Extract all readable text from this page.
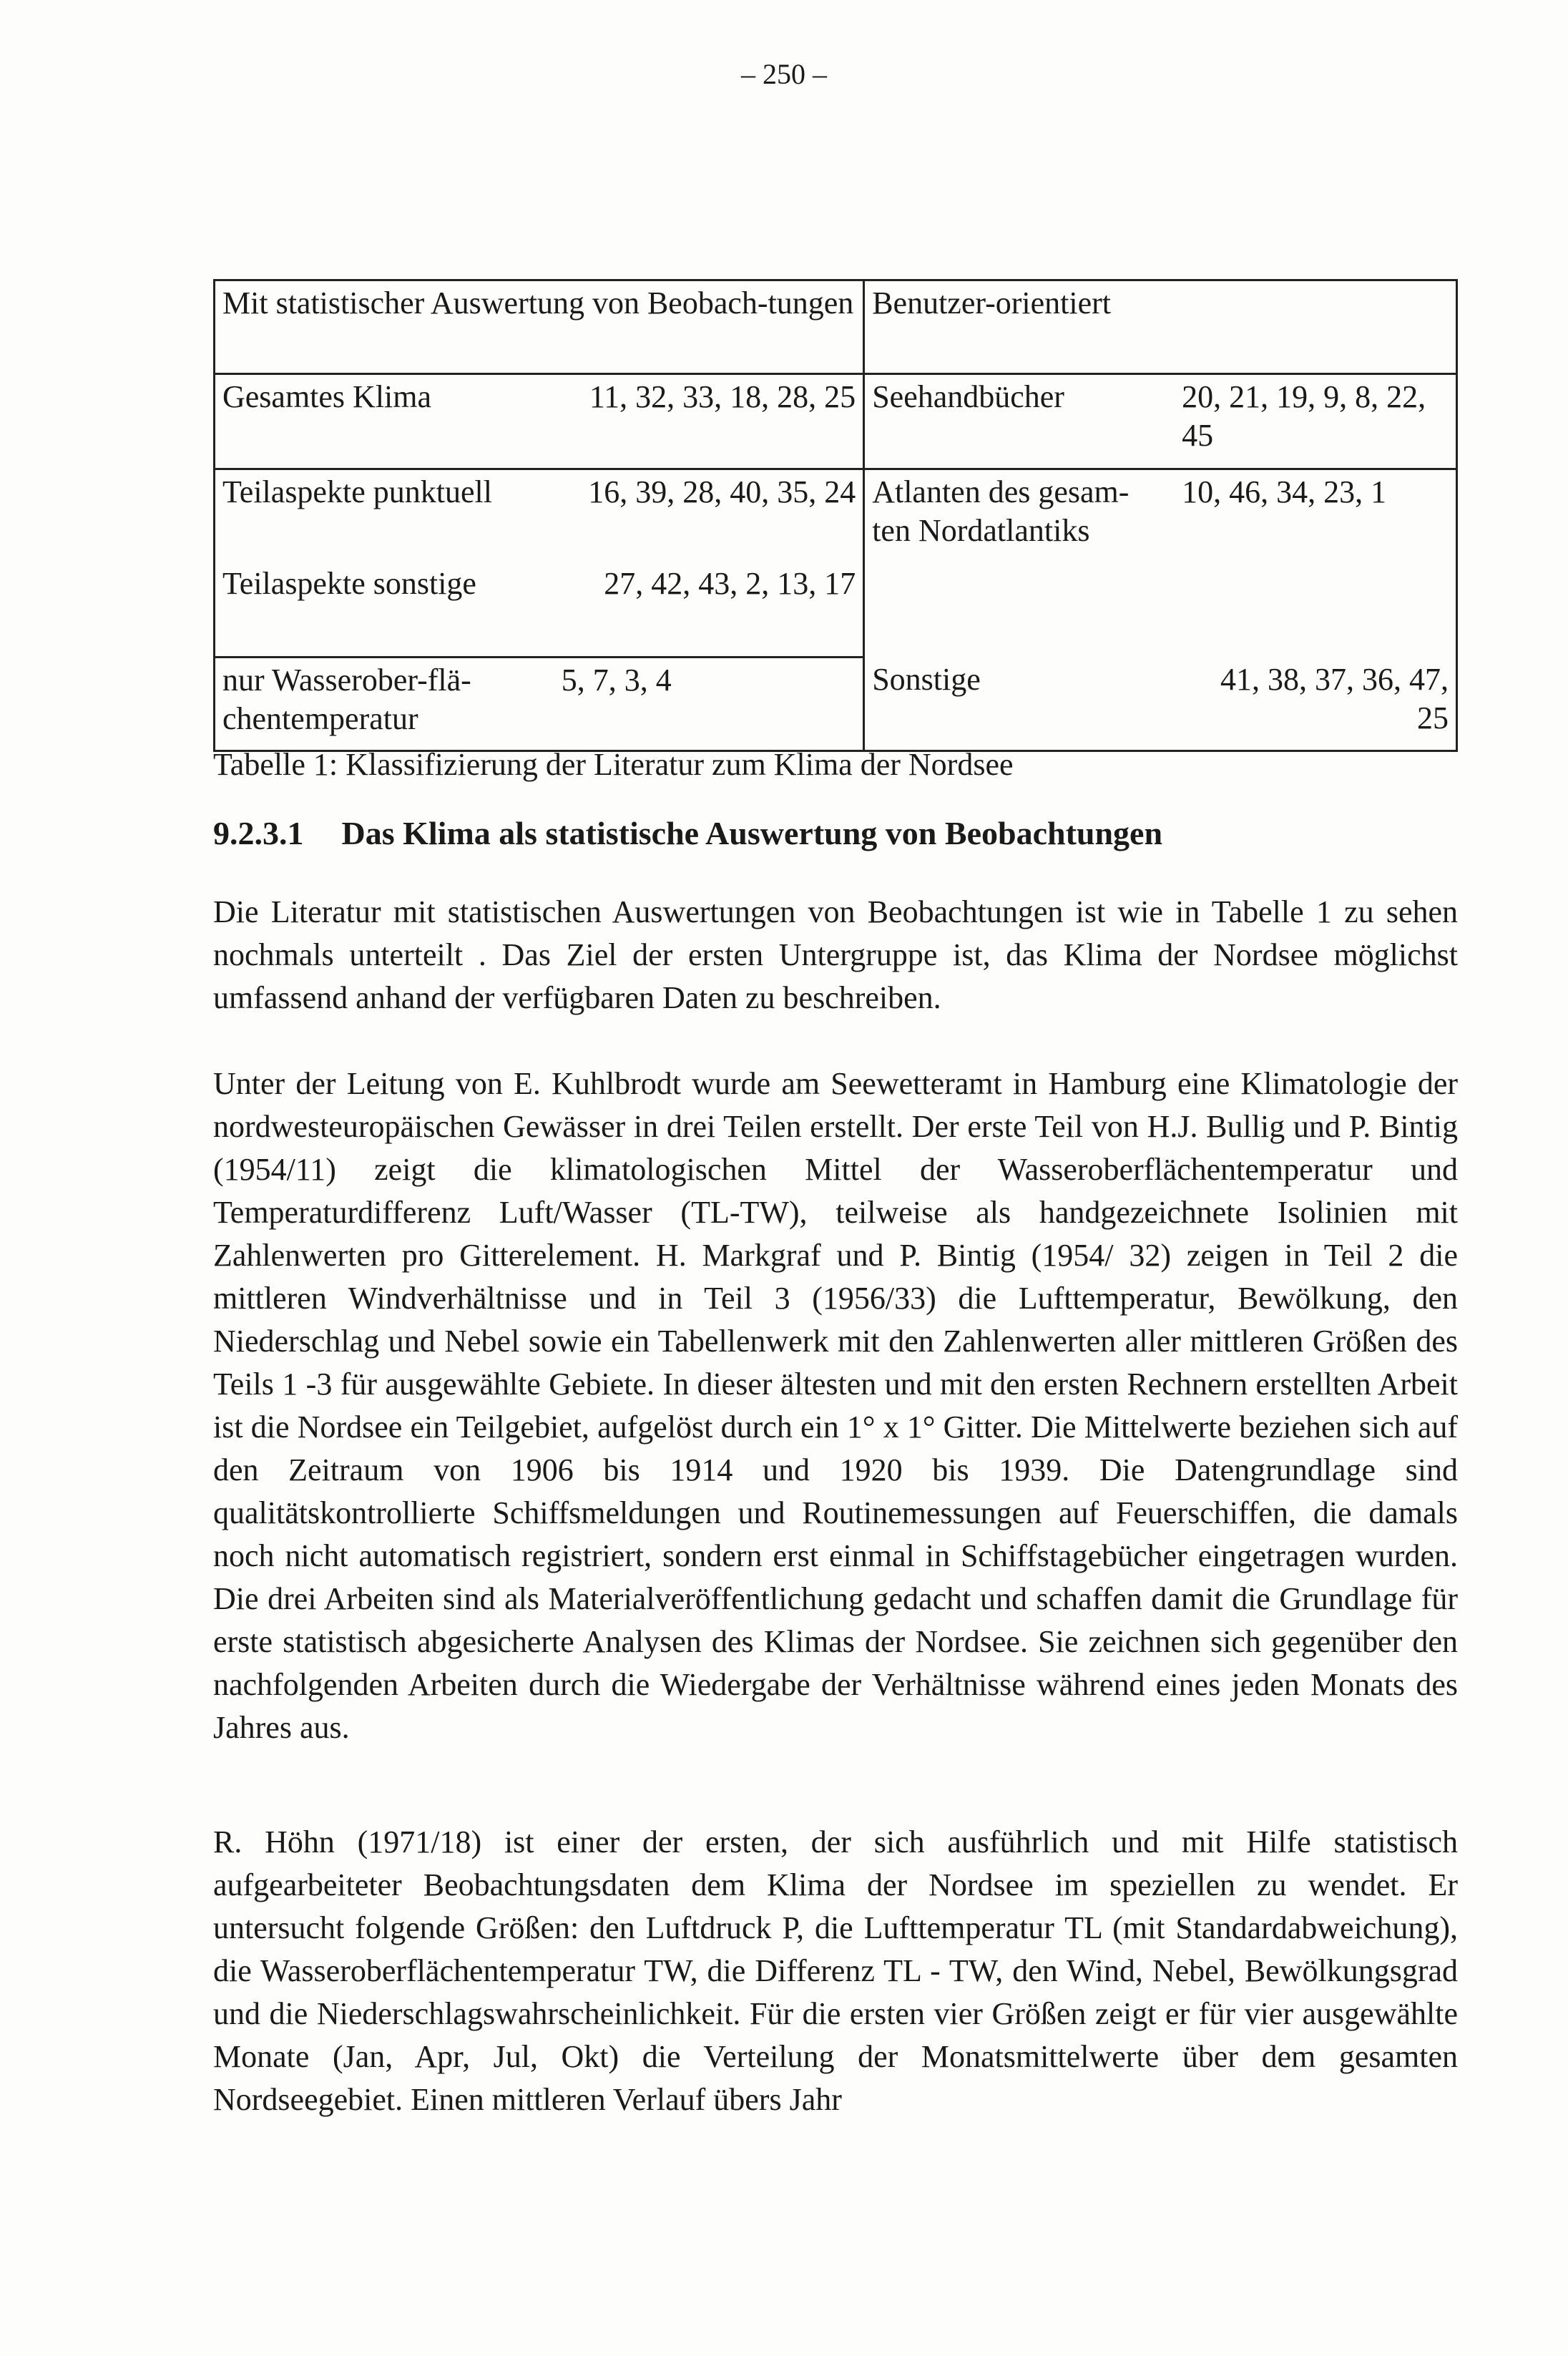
– 250 –
Mit statistischer Auswertung von Beobach-tungen		Benutzer-orientiert	
Gesamtes Klima	11, 32, 33, 18, 28, 25	Seehandbücher	20, 21, 19, 9, 8, 22, 45
Teilaspekte punktuell	16, 39, 28, 40, 35, 24	Atlanten des gesam-ten Nordatlantiks	10, 46, 34, 23, 1
Teilaspekte sonstige	27, 42, 43, 2, 13, 17		
nur Wasserober-flä-chentemperatur	5, 7, 3, 4	Sonstige	41, 38, 37, 36, 47, 25
Tabelle 1: Klassifizierung der Literatur zum Klima der Nordsee
9.2.3.1 Das Klima als statistische Auswertung von Beobachtungen

Die Literatur mit statistischen Auswertungen von Beobachtungen ist wie in Tabelle 1 zu sehen nochmals unterteilt . Das Ziel der ersten Untergruppe ist, das Klima der Nordsee möglichst umfassend anhand der verfügbaren Daten zu beschreiben.

Unter der Leitung von E. Kuhlbrodt wurde am Seewetteramt in Hamburg eine Klimatologie der nordwesteuropäischen Gewässer in drei Teilen erstellt. Der erste Teil von H.J. Bullig und P. Bintig (1954/11) zeigt die klimatologischen Mittel der Wasseroberflächentemperatur und Temperaturdifferenz Luft/Wasser (TL-TW), teilweise als handgezeichnete Isolinien mit Zahlenwerten pro Gitterelement. H. Markgraf und P. Bintig (1954/ 32) zeigen in Teil 2 die mittleren Windverhältnisse und in Teil 3 (1956/33) die Lufttemperatur, Bewölkung, den Niederschlag und Nebel sowie ein Tabellenwerk mit den Zahlenwerten aller mittleren Größen des Teils 1 -3 für ausgewählte Gebiete. In dieser ältesten und mit den ersten Rechnern erstellten Arbeit ist die Nordsee ein Teilgebiet, aufgelöst durch ein 1° x 1° Gitter. Die Mittelwerte beziehen sich auf den Zeitraum von 1906 bis 1914 und 1920 bis 1939. Die Datengrundlage sind qualitätskontrollierte Schiffsmeldungen und Routinemessungen auf Feuerschiffen, die damals noch nicht automatisch registriert, sondern erst einmal in Schiffstagebücher eingetragen wurden. Die drei Arbeiten sind als Materialveröffentlichung gedacht und schaffen damit die Grundlage für erste statistisch abgesicherte Analysen des Klimas der Nordsee. Sie zeichnen sich gegenüber den nachfolgenden Arbeiten durch die Wiedergabe der Verhältnisse während eines jeden Monats des Jahres aus.

R. Höhn (1971/18) ist einer der ersten, der sich ausführlich und mit Hilfe statistisch aufgearbeiteter Beobachtungsdaten dem Klima der Nordsee im speziellen zu wendet. Er untersucht folgende Größen: den Luftdruck P, die Lufttemperatur TL (mit Standardabweichung), die Wasseroberflächentemperatur TW, die Differenz TL - TW, den Wind, Nebel, Bewölkungsgrad und die Niederschlagswahrscheinlichkeit. Für die ersten vier Größen zeigt er für vier ausgewählte Monate (Jan, Apr, Jul, Okt) die Verteilung der Monatsmittelwerte über dem gesamten Nordseegebiet. Einen mittleren Verlauf übers Jahr
